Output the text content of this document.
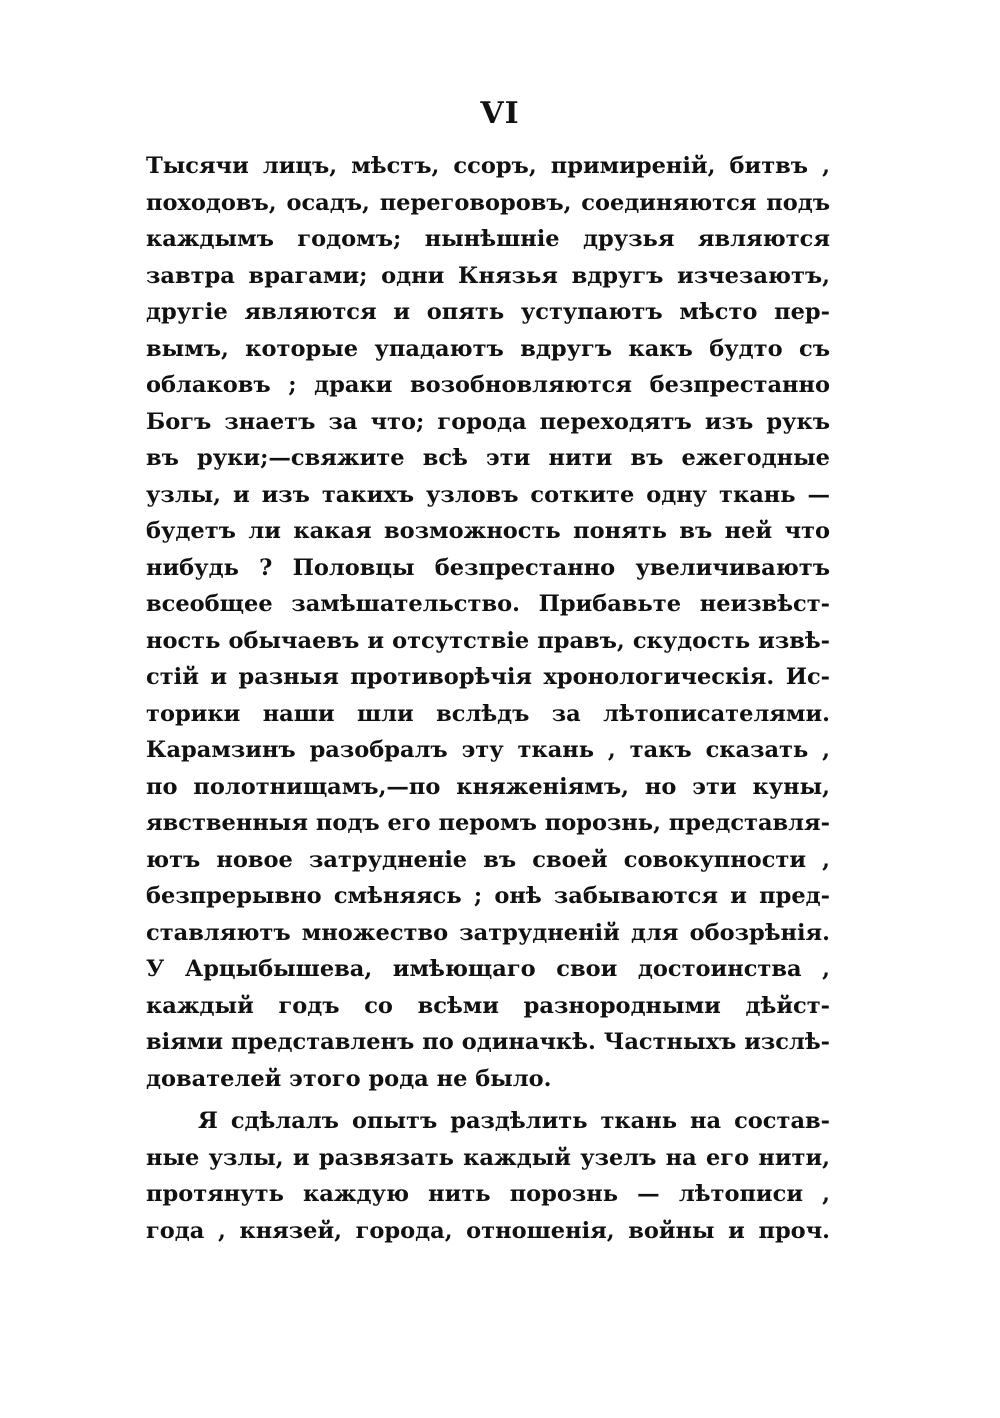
VI
Тысячи лицъ, мѣстъ, ссоръ, примиреній, битвъ ,
походовъ, осадъ, переговоровъ, соединяются подъ
каждымъ годомъ; нынѣшніе друзья являются
завтра врагами; одни Князья вдругъ изчезаютъ,
другіе являются и опять уступаютъ мѣсто пер-
вымъ, которые упадаютъ вдругъ какъ будто съ
облаковъ ; драки возобновляются безпрестанно
Богъ знаетъ за что; города переходятъ изъ рукъ
въ руки;—свяжите всѣ эти нити въ ежегодные
узлы, и изъ такихъ узловъ соткитe одну ткань —
будетъ ли какая возможность понять въ ней что
нибудь ? Половцы безпрестанно увеличиваютъ
всеобщее замѣшательство. Прибавьте неизвѣст-
ность обычаевъ и отсутствіе правъ, скудость извѣ-
стій и разныя противорѣчія хронологическія. Ис-
торики наши шли вслѣдъ за лѣтописателями.
Карамзинъ разобралъ эту ткань , такъ сказать ,
по полотнищамъ,—по княженіямъ, но эти куны,
явственныя подъ его перомъ порознь, представля-
ютъ новое затрудненіе въ своей совокупности ,
безпрерывно смѣняясь ; онѣ забываются и пред-
ставляютъ множество затрудненій для обозрѣнія.
У Арцыбышева, имѣющаго свои достоинства ,
каждый годъ со всѣми разнородными дѣйст-
віями представленъ по одиначкѣ. Частныхъ изслѣ-
дователей этого рода не было.
Я сдѣлалъ опытъ раздѣлить ткань на состав-
ные узлы, и развязать каждый узелъ на его нити,
протянуть каждую нить порознь — лѣтописи ,
года , князей, города, отношенія, войны и проч.
